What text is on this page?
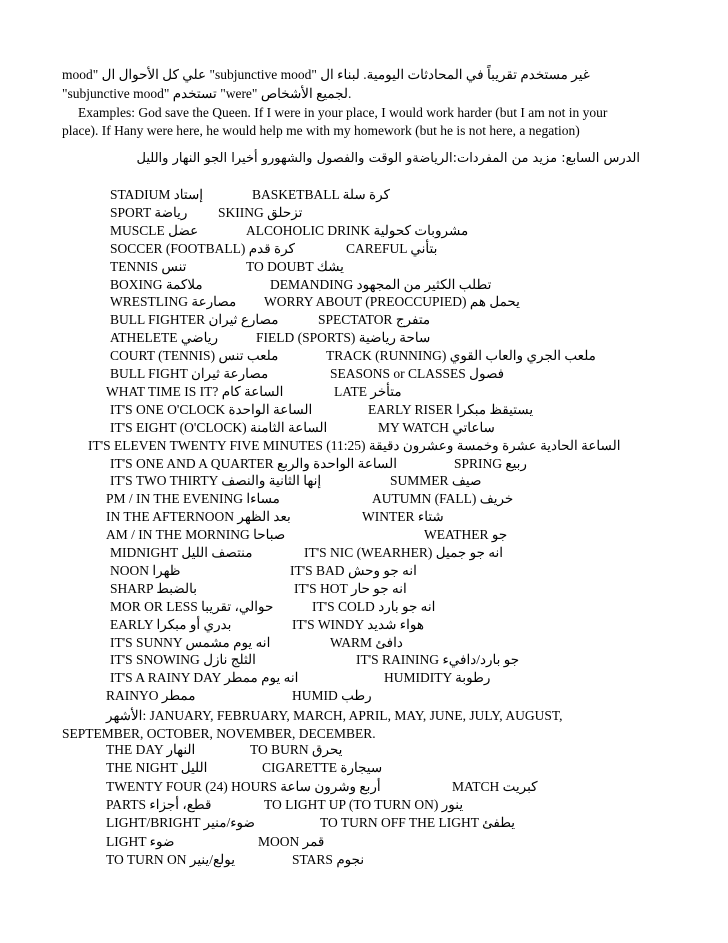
mood" علي كل الأحوال ال "subjunctive mood" غير مستخدم تقريباً في المحادثات اليومية. لبناء ال
"subjunctive mood" تستخدم "were" لجميع الأشخاص.
Examples: God save the Queen. If I were in your place, I would work harder (but I am not in your
place). If Hany were here, he would help me with my homework (but he is not here, a negation)
الدرس السابع: مزيد من المفردات:الرياضةو الوقت والفصول والشهورو أخيرا الجو النهار والليل
STADIUM إستاد	BASKETBALL كرة سلة
SPORT رياضة SKIING تزحلق
MUSCLE عضل	ALCOHOLIC DRINK مشروبات كحولية
SOCCER (FOOTBALL) كرة قدم	CAREFUL بتأني
TENNIS تنس	TO DOUBT يشك
BOXING ملاكمة	DEMANDING تطلب الكثير من المجهود
WRESTLING مصارعة WORRY ABOUT (PREOCCUPIED) يحمل هم
BULL FIGHTER مصارع ثيران	SPECTATOR متفرج
ATHELETE رياضي	FIELD (SPORTS) ساحة رياضية
COURT (TENNIS) ملعب تنس	TRACK (RUNNING) ملعب الجري والعاب القوي
BULL FIGHT مصارعة ثيران	SEASONS or CLASSES فصول
WHAT TIME IS IT? الساعة كام	LATE متأخر
IT'S ONE O'CLOCK الساعة الواحدة	EARLY RISER يستيقظ مبكرا
IT'S EIGHT (O'CLOCK) الساعة الثامنة	MY WATCH ساعاتي
IT'S ELEVEN TWENTY FIVE MINUTES (11:25) الساعة الحادية عشرة وخمسة وعشرون دقيقة
IT'S ONE AND A QUARTER الساعة الواحدة والربع	SPRING ربيع
IT'S TWO THIRTY إنها الثانية والنصف	SUMMER صيف
PM / IN THE EVENING مساءا	AUTUMN (FALL) خريف
IN THE AFTERNOON بعد الظهر	WINTER شتاء
AM / IN THE MORNING صباحا	WEATHER جو
MIDNIGHT منتصف الليل	IT'S NIC (WEARHER) انه جو جميل
NOON ظهرا	IT'S BAD انه جو وحش
SHARP بالضبط	IT'S HOT انه جو حار
MOR OR LESS حوالي، تقريبا	IT'S COLD انه جو بارد
EARLY بدري أو مبكرا	IT'S WINDY هواء شديد
IT'S SUNNY انه يوم مشمس	WARM دافئ
IT'S SNOWING الثلج نازل	IT'S RAINING جو بارد/دافيء
IT'S A RAINY DAY انه يوم ممطر	HUMIDITY رطوبة
RAINYO ممطر	HUMID رطب
الأشهر: JANUARY, FEBRUARY, MARCH, APRIL, MAY, JUNE, JULY, AUGUST,
SEPTEMBER, OCTOBER, NOVEMBER, DECEMBER.
THE DAY النهار	TO BURN يحرق
THE NIGHT الليل	CIGARETTE سيجارة
TWENTY FOUR (24) HOURS أربع وشرون ساعة	MATCH كبريت
PARTS قطع، أجزاء	TO LIGHT UP (TO TURN ON) ينور
LIGHT/BRIGHT ضوء/منير	TO TURN OFF THE LIGHT يطفئ
LIGHT ضوء	MOON قمر
TO TURN ON يولع/ينير	STARS نجوم
